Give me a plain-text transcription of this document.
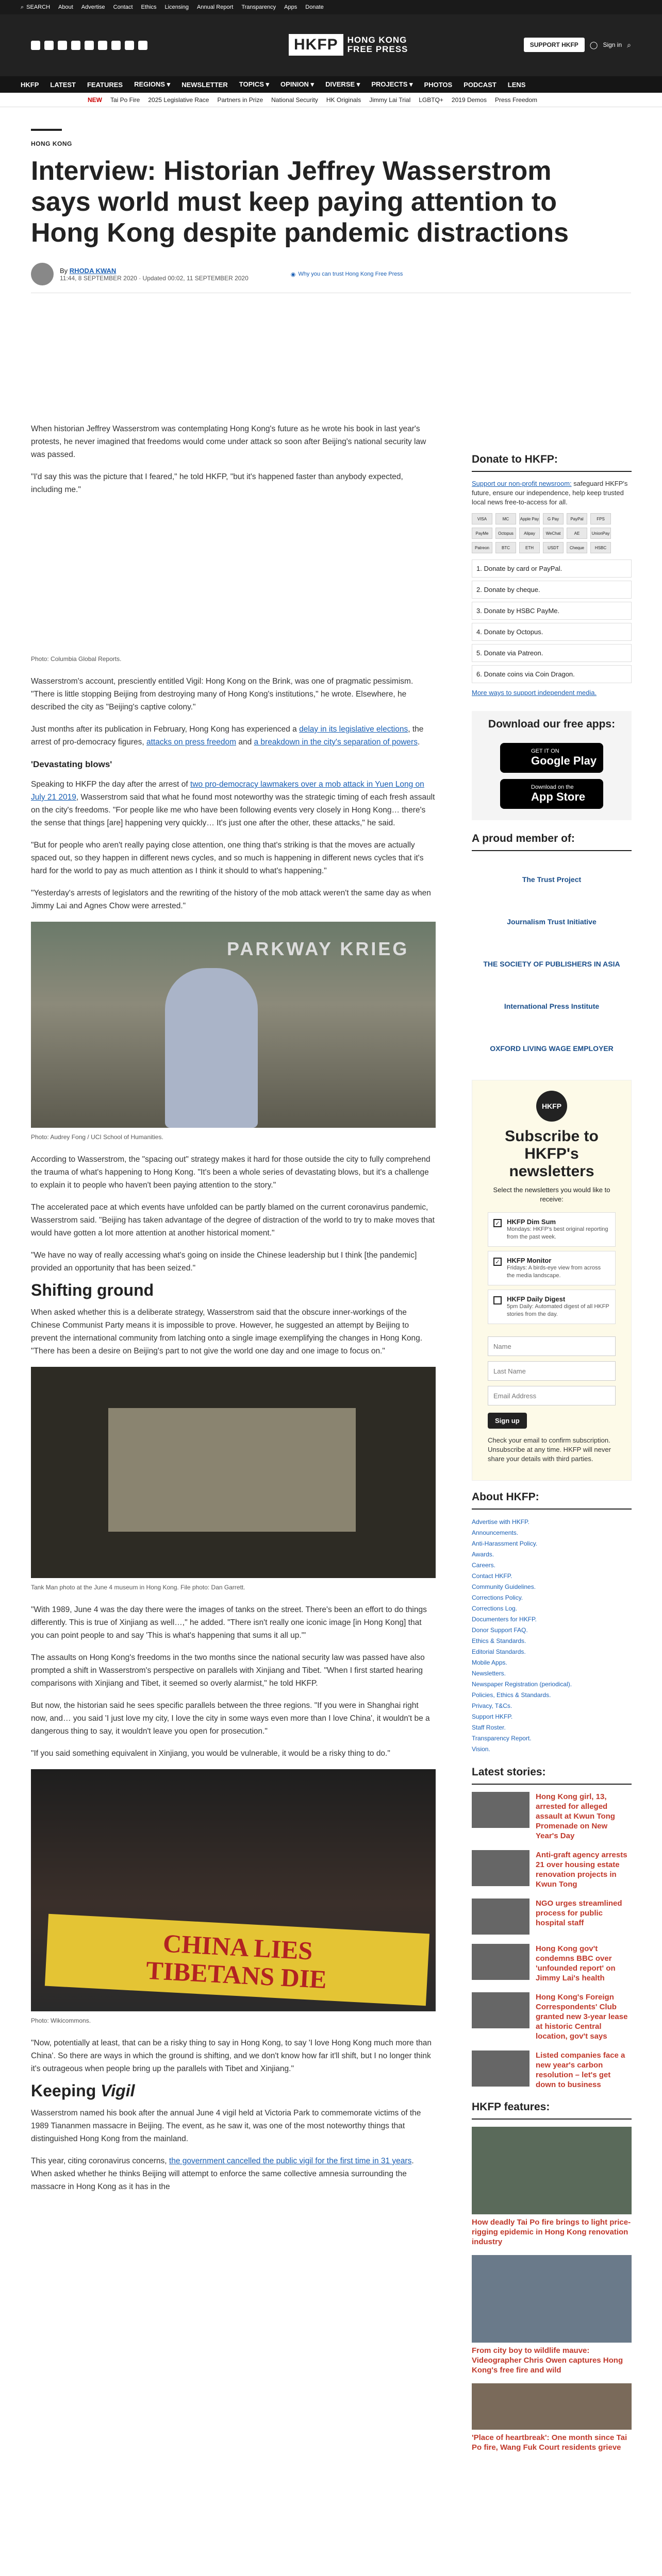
⌕ SEARCH About Advertise Contact Ethics Licensing Annual Report Transparency Apps Donate
HKFP	HONG KONG
FREE PRESS	SUPPORT HKFP	◯ Sign in ⌕
HKFP LATEST FEATURES REGIONS ▾ NEWSLETTER TOPICS ▾ OPINION ▾ DIVERSE ▾ PROJECTS ▾ PHOTOS PODCAST LENS
NEW Tai Po Fire 2025 Legislative Race Partners in Prize National Security HK Originals Jimmy Lai Trial LGBTQ+ 2019 Demos Press Freedom
HONG KONG
Interview: Historian Jeffrey Wasserstrom says world must keep paying attention to Hong Kong despite pandemic distractions
By RHODA KWAN
11:44, 8 SEPTEMBER 2020 · Updated 00:02, 11 SEPTEMBER 2020	◉ Why you can trust Hong Kong Free Press

When historian Jeffrey Wasserstrom was contemplating Hong Kong's future as he wrote his book in last year's protests, he never imagined that freedoms would come under attack so soon after Beijing's national security law was passed.

"I'd say this was the picture that I feared," he told HKFP, "but it's happened faster than anybody expected, including me."

Photo: Columbia Global Reports.

Wasserstrom's account, presciently entitled Vigil: Hong Kong on the Brink, was one of pragmatic pessimism. "There is little stopping Beijing from destroying many of Hong Kong's institutions," he wrote. Elsewhere, he described the city as "Beijing's captive colony."

Just months after its publication in February, Hong Kong has experienced a delay in its legislative elections, the arrest of pro-democracy figures, attacks on press freedom and a breakdown in the city's separation of powers.

'Devastating blows'

Speaking to HKFP the day after the arrest of two pro-democracy lawmakers over a mob attack in Yuen Long on July 21 2019, Wasserstrom said that what he found most noteworthy was the strategic timing of each fresh assault on the city's freedoms. "For people like me who have been following events very closely in Hong Kong… there's the sense that things [are] happening very quickly… It's just one after the other, these attacks," he said.

"But for people who aren't really paying close attention, one thing that's striking is that the moves are actually spaced out, so they happen in different news cycles, and so much is happening in different news cycles that it's hard for the world to pay as much attention as I think it should to what's happening."

"Yesterday's arrests of legislators and the rewriting of the history of the mob attack weren't the same day as when Jimmy Lai and Agnes Chow were arrested."

PARKWAY KRIEG
Photo: Audrey Fong / UCI School of Humanities.

According to Wasserstrom, the "spacing out" strategy makes it hard for those outside the city to fully comprehend the trauma of what's happening to Hong Kong. "It's been a whole series of devastating blows, but it's a challenge to explain it to people who haven't been paying attention to the story."

The accelerated pace at which events have unfolded can be partly blamed on the current coronavirus pandemic, Wasserstrom said. "Beijing has taken advantage of the degree of distraction of the world to try to make moves that would have gotten a lot more attention at another historical moment."

"We have no way of really accessing what's going on inside the Chinese leadership but I think [the pandemic] provided an opportunity that has been seized."

Shifting ground

When asked whether this is a deliberate strategy, Wasserstrom said that the obscure inner-workings of the Chinese Communist Party means it is impossible to prove. However, he suggested an attempt by Beijing to prevent the international community from latching onto a single image exemplifying the changes in Hong Kong. "There has been a desire on Beijing's part to not give the world one day and one image to focus on."

Tank Man photo at the June 4 museum in Hong Kong. File photo: Dan Garrett.

"With 1989, June 4 was the day there were the images of tanks on the street. There's been an effort to do things differently. This is true of Xinjiang as well…," he added. "There isn't really one iconic image [in Hong Kong] that you can point people to and say 'This is what's happening that sums it all up.'"

The assaults on Hong Kong's freedoms in the two months since the national security law was passed have also prompted a shift in Wasserstrom's perspective on parallels with Xinjiang and Tibet. "When I first started hearing comparisons with Xinjiang and Tibet, it seemed so overly alarmist," he told HKFP.

But now, the historian said he sees specific parallels between the three regions. "If you were in Shanghai right now, and… you said 'I just love my city, I love the city in some ways even more than I love China', it wouldn't be a dangerous thing to say, it wouldn't leave you open for prosecution."

"If you said something equivalent in Xinjiang, you would be vulnerable, it would be a risky thing to do."

CHINA LIES
TIBETANS DIE
Photo: Wikicommons.

"Now, potentially at least, that can be a risky thing to say in Hong Kong, to say 'I love Hong Kong much more than China'. So there are ways in which the ground is shifting, and we don't know how far it'll shift, but I no longer think it's outrageous when people bring up the parallels with Tibet and Xinjiang."

Keeping Vigil

Wasserstrom named his book after the annual June 4 vigil held at Victoria Park to commemorate victims of the 1989 Tiananmen massacre in Beijing. The event, as he saw it, was one of the most noteworthy things that distinguished Hong Kong from the mainland.

This year, citing coronavirus concerns, the government cancelled the public vigil for the first time in 31 years. When asked whether he thinks Beijing will attempt to enforce the same collective amnesia surrounding the massacre in Hong Kong as it has in the

Donate to HKFP:
Support our non-profit newsroom: safeguard HKFP's future, ensure our independence, help keep trusted local news free-to-access for all.
VISA	MC	Apple Pay	G Pay	PayPal	FPS
PayMe	Octopus	Alipay	WeChat	AE	UnionPay
Patreon	BTC	ETH	USDT	Cheque	HSBC
1. Donate by card or PayPal.
2. Donate by cheque.
3. Donate by HSBC PayMe.
4. Donate by Octopus.
5. Donate via Patreon.
6. Donate coins via Coin Dragon.
More ways to support independent media.
Download our free apps:
GET IT ON
Google Play
Download on the
App Store
A proud member of:
The Trust Project
Journalism Trust Initiative
THE SOCIETY OF PUBLISHERS IN ASIA
International Press Institute
OXFORD LIVING WAGE EMPLOYER
HKFP
Subscribe to HKFP's newsletters
Select the newsletters you would like to receive:
✓ HKFP Dim Sum
Mondays: HKFP's best original reporting from the past week.
✓ HKFP Monitor
Fridays: A birds-eye view from across the media landscape.
HKFP Daily Digest
5pm Daily: Automated digest of all HKFP stories from the day.
Name
Last Name
Email Address
Sign up
Check your email to confirm subscription. Unsubscribe at any time. HKFP will never share your details with third parties.
About HKFP:
Advertise with HKFP.
Announcements.
Anti-Harassment Policy.
Awards.
Careers.
Contact HKFP.
Community Guidelines.
Corrections Policy.
Corrections Log.
Documenters for HKFP.
Donor Support FAQ.
Ethics & Standards.
Editorial Standards.
Mobile Apps.
Newsletters.
Newspaper Registration (periodical).
Policies, Ethics & Standards.
Privacy, T&Cs.
Support HKFP.
Staff Roster.
Transparency Report.
Vision.
Latest stories:
Hong Kong girl, 13, arrested for alleged assault at Kwun Tong Promenade on New Year's Day
Anti-graft agency arrests 21 over housing estate renovation projects in Kwun Tong
NGO urges streamlined process for public hospital staff
Hong Kong gov't condemns BBC over 'unfounded report' on Jimmy Lai's health
Hong Kong's Foreign Correspondents' Club granted new 3-year lease at historic Central location, gov't says
Listed companies face a new year's carbon resolution – let's get down to business
HKFP features:
How deadly Tai Po fire brings to light price-rigging epidemic in Hong Kong renovation industry
From city boy to wildlife mauve: Videographer Chris Owen captures Hong Kong's free fire and wild
'Place of heartbreak': One month since Tai Po fire, Wang Fuk Court residents grieve
